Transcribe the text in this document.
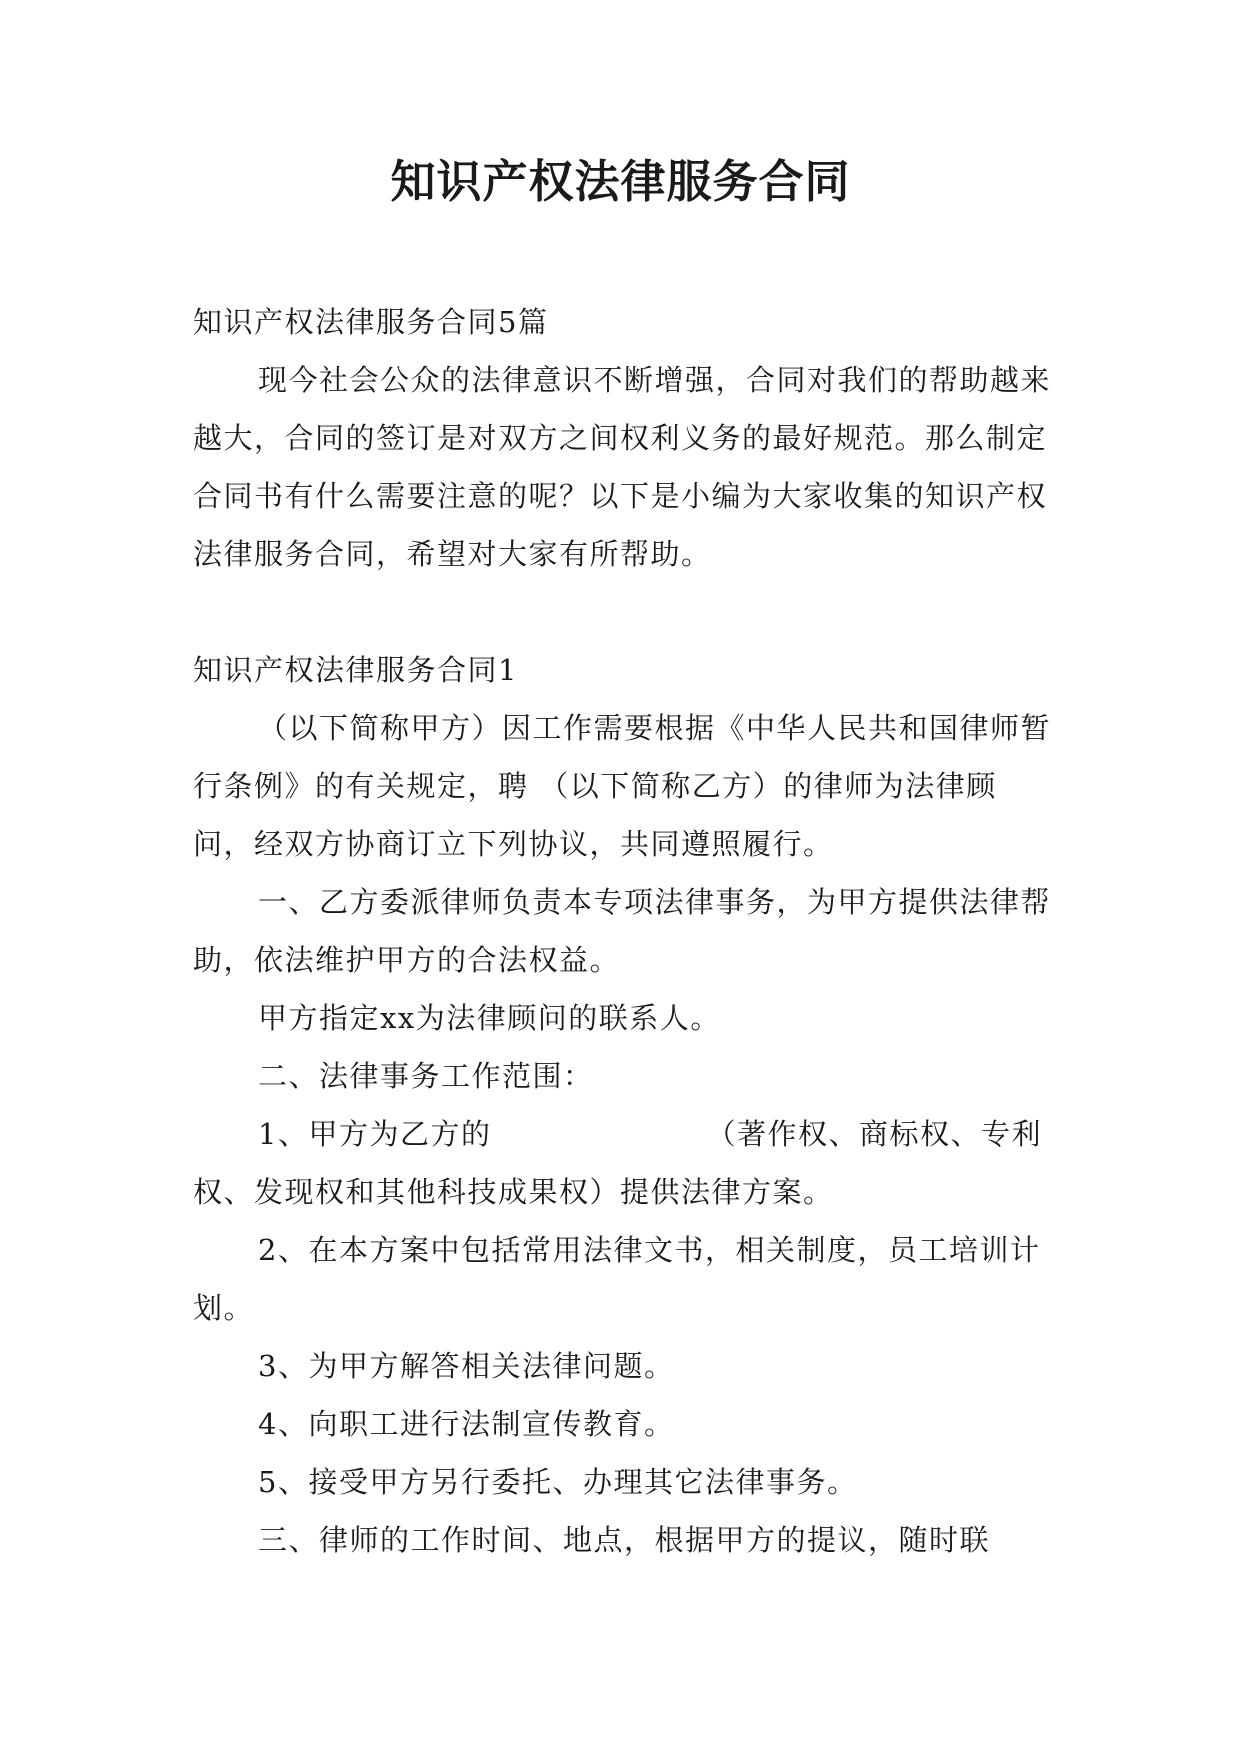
知识产权法律服务合同

知识产权法律服务合同5篇

现今社会公众的法律意识不断增强，合同对我们的帮助越来越大，合同的签订是对双方之间权利义务的最好规范。那么制定合同书有什么需要注意的呢？以下是小编为大家收集的知识产权法律服务合同，希望对大家有所帮助。

知识产权法律服务合同1

（以下简称甲方）因工作需要根据《中华人民共和国律师暂行条例》的有关规定，聘 （以下简称乙方）的律师为法律顾问，经双方协商订立下列协议，共同遵照履行。

一、乙方委派律师负责本专项法律事务，为甲方提供法律帮助，依法维护甲方的合法权益。

甲方指定xx为法律顾问的联系人。

二、法律事务工作范围：

1、甲方为乙方的	（著作权、商标权、专利权、发现权和其他科技成果权）提供法律方案。

2、在本方案中包括常用法律文书，相关制度，员工培训计划。

3、为甲方解答相关法律问题。

4、向职工进行法制宣传教育。

5、接受甲方另行委托、办理其它法律事务。

三、律师的工作时间、地点，根据甲方的提议，随时联
